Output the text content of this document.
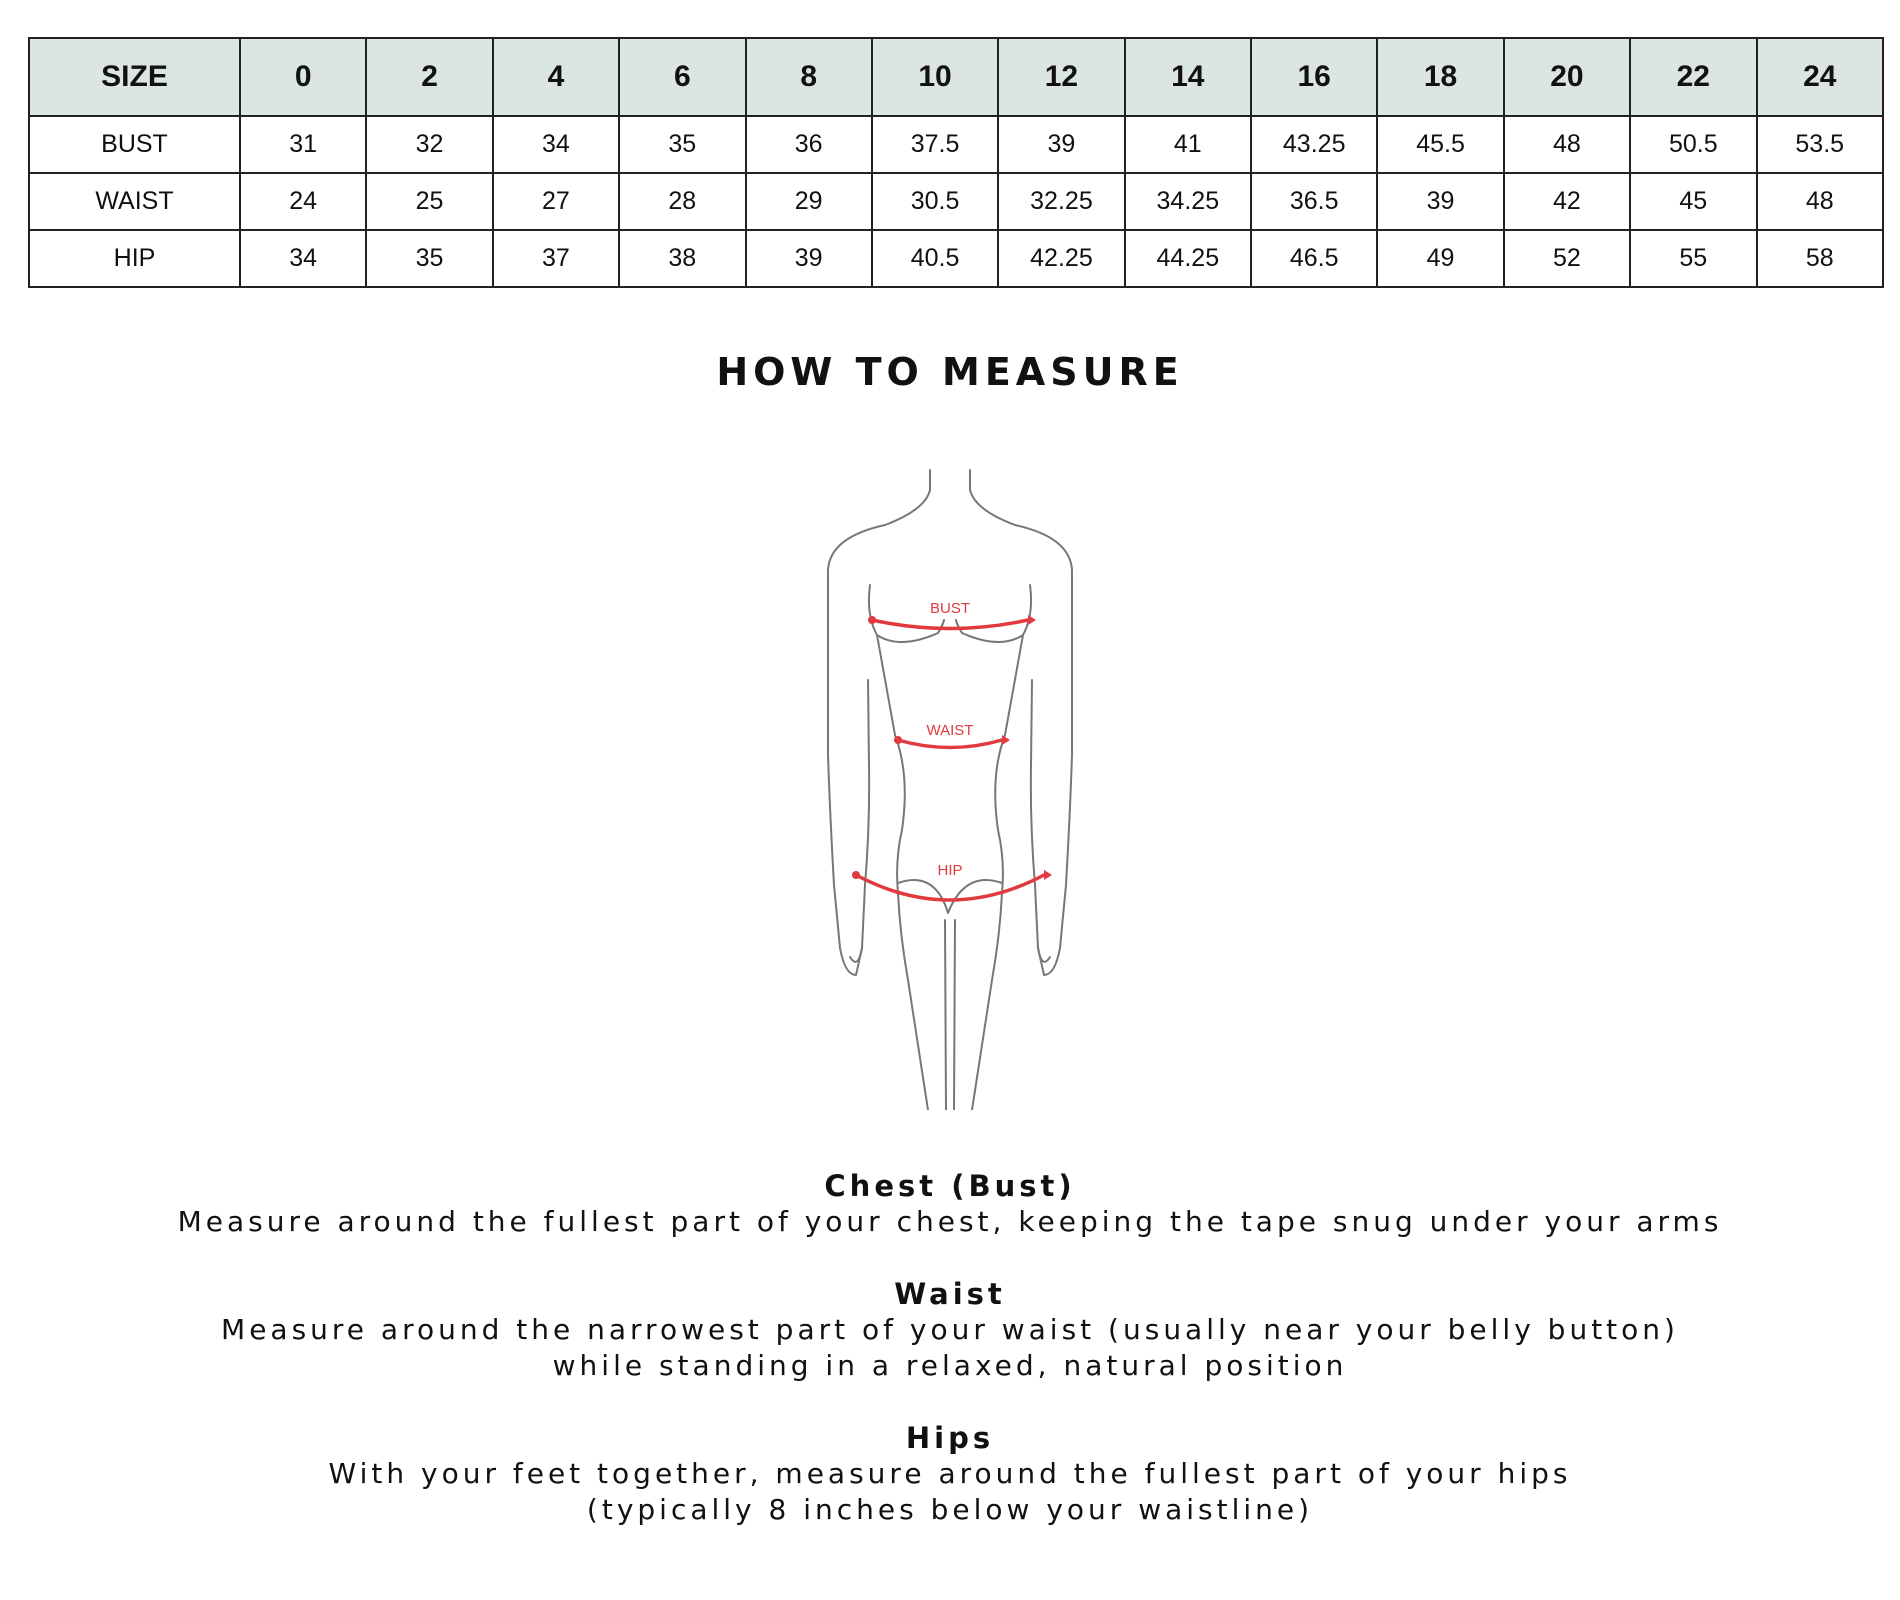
SIZE	0	2	4	6	8	10	12	14	16	18	20	22	24
BUST	31	32	34	35	36	37.5	39	41	43.25	45.5	48	50.5	53.5
WAIST	24	25	27	28	29	30.5	32.25	34.25	36.5	39	42	45	48
HIP	34	35	37	38	39	40.5	42.25	44.25	46.5	49	52	55	58
HOW TO MEASURE
BUST
WAIST
HIP
Chest (Bust)
Measure around the fullest part of your chest, keeping the tape snug under your arms
Waist
Measure around the narrowest part of your waist (usually near your belly button)
while standing in a relaxed, natural position
Hips
With your feet together, measure around the fullest part of your hips
(typically 8 inches below your waistline)
